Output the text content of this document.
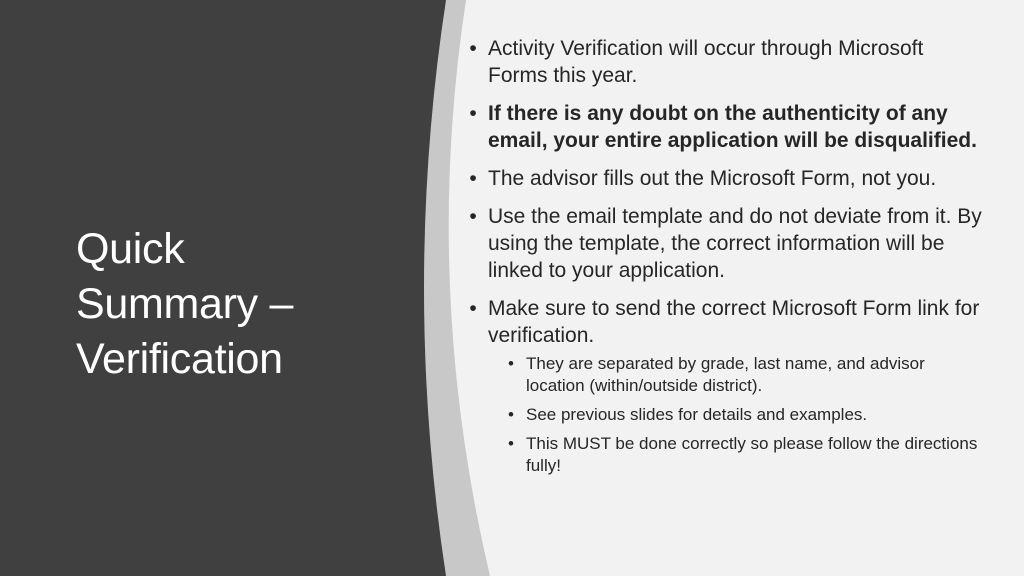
Quick
Summary –
Verification
• Activity Verification will occur through Microsoft Forms this year.
• If there is any doubt on the authenticity of any email, your entire application will be disqualified.
• The advisor fills out the Microsoft Form, not you.
• Use the email template and do not deviate from it. By using the template, the correct information will be linked to your application.
• Make sure to send the correct Microsoft Form link for verification.
• They are separated by grade, last name, and advisor location (within/outside district).
• See previous slides for details and examples.
• This MUST be done correctly so please follow the directions fully!
